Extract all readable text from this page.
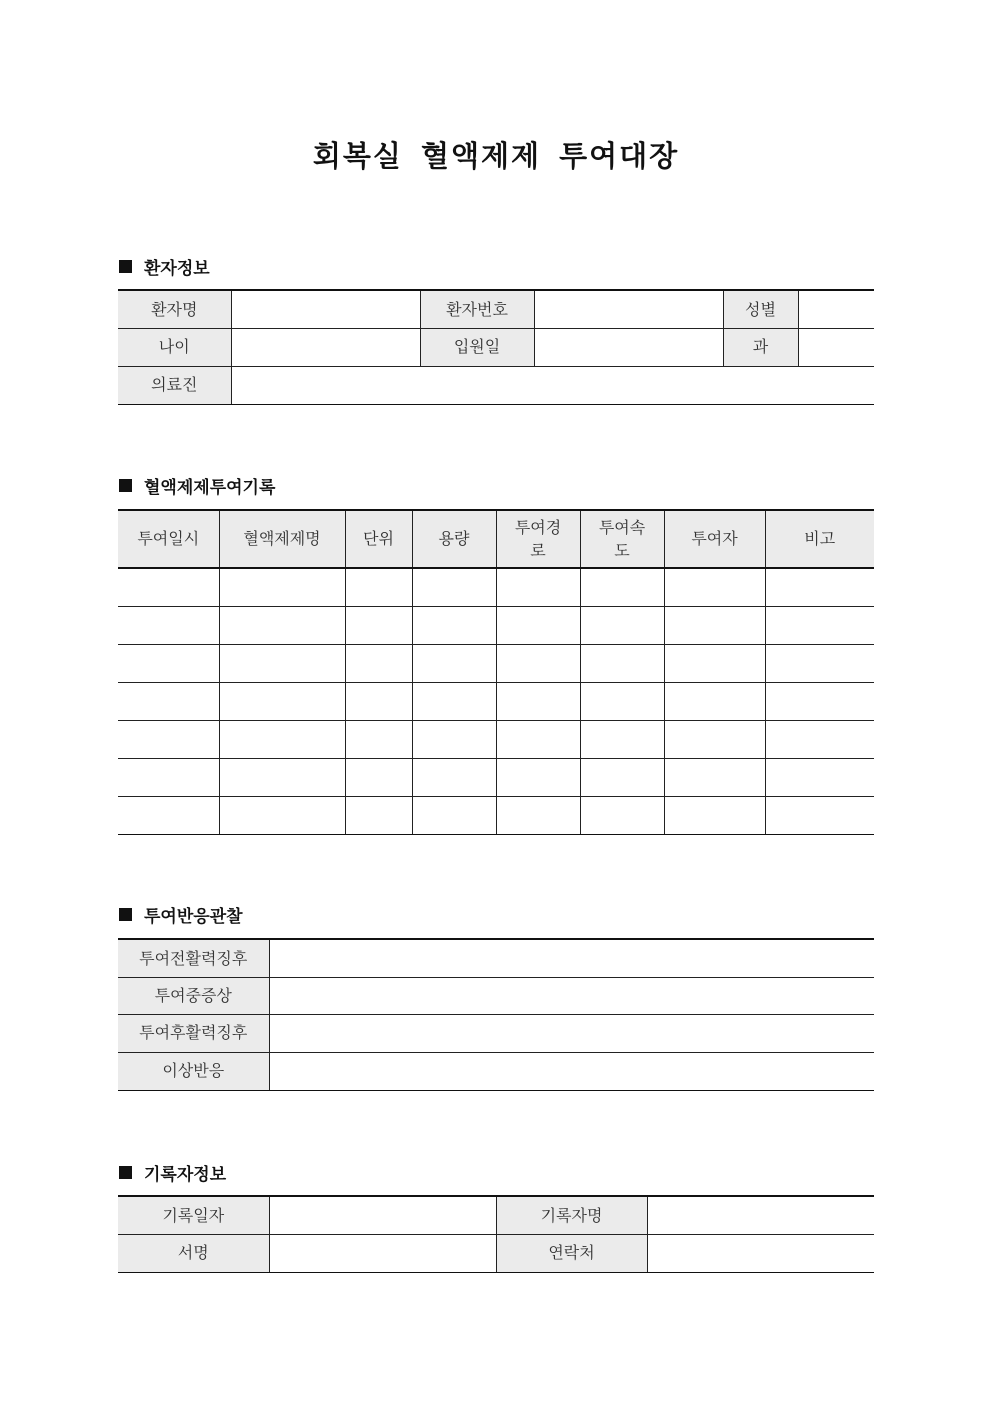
회복실 혈액제제 투여대장
환자정보
환자명		환자번호		성별	
나이		입원일		과	
의료진					
혈액제제투여기록
투여일시	혈액제제명	단위	용량	투여경로	투여속도	투여자	비고

투여반응관찰
투여전활력징후	
투여중증상	
투여후활력징후	
이상반응	
기록자정보
기록일자		기록자명	
서명		연락처	
